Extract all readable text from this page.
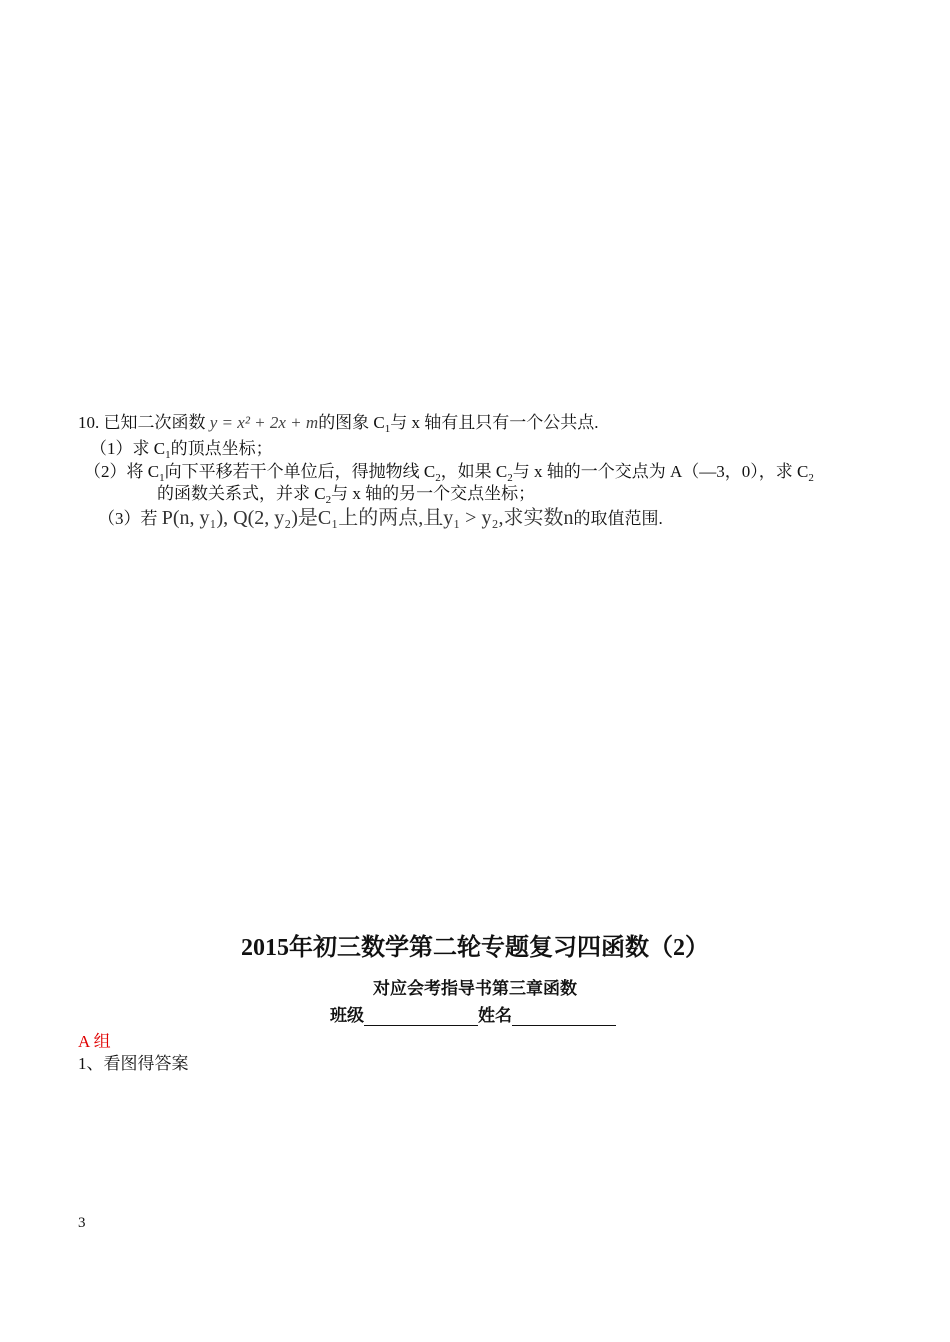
10. 已知二次函数 y = x² + 2x + m的图象 $C_1$与 x 轴有且只有一个公共点.
（1）求 $C_1$的顶点坐标；
（2）将 $C_1$向下平移若干个单位后，得抛物线 $C_2$，如果 $C_2$与 x 轴的一个交点为 A（—3，0），求 $C_2$
的函数关系式，并求 $C_2$与 x 轴的另一个交点坐标；
（3）若 P(n, y₁), Q(2, y₂)是C₁上的两点,且y₁ > y₂,求实数n的取值范围.
2015年初三数学第二轮专题复习四函数（2）
对应会考指导书第三章函数
班级	姓名
A 组
1、看图得答案
3
